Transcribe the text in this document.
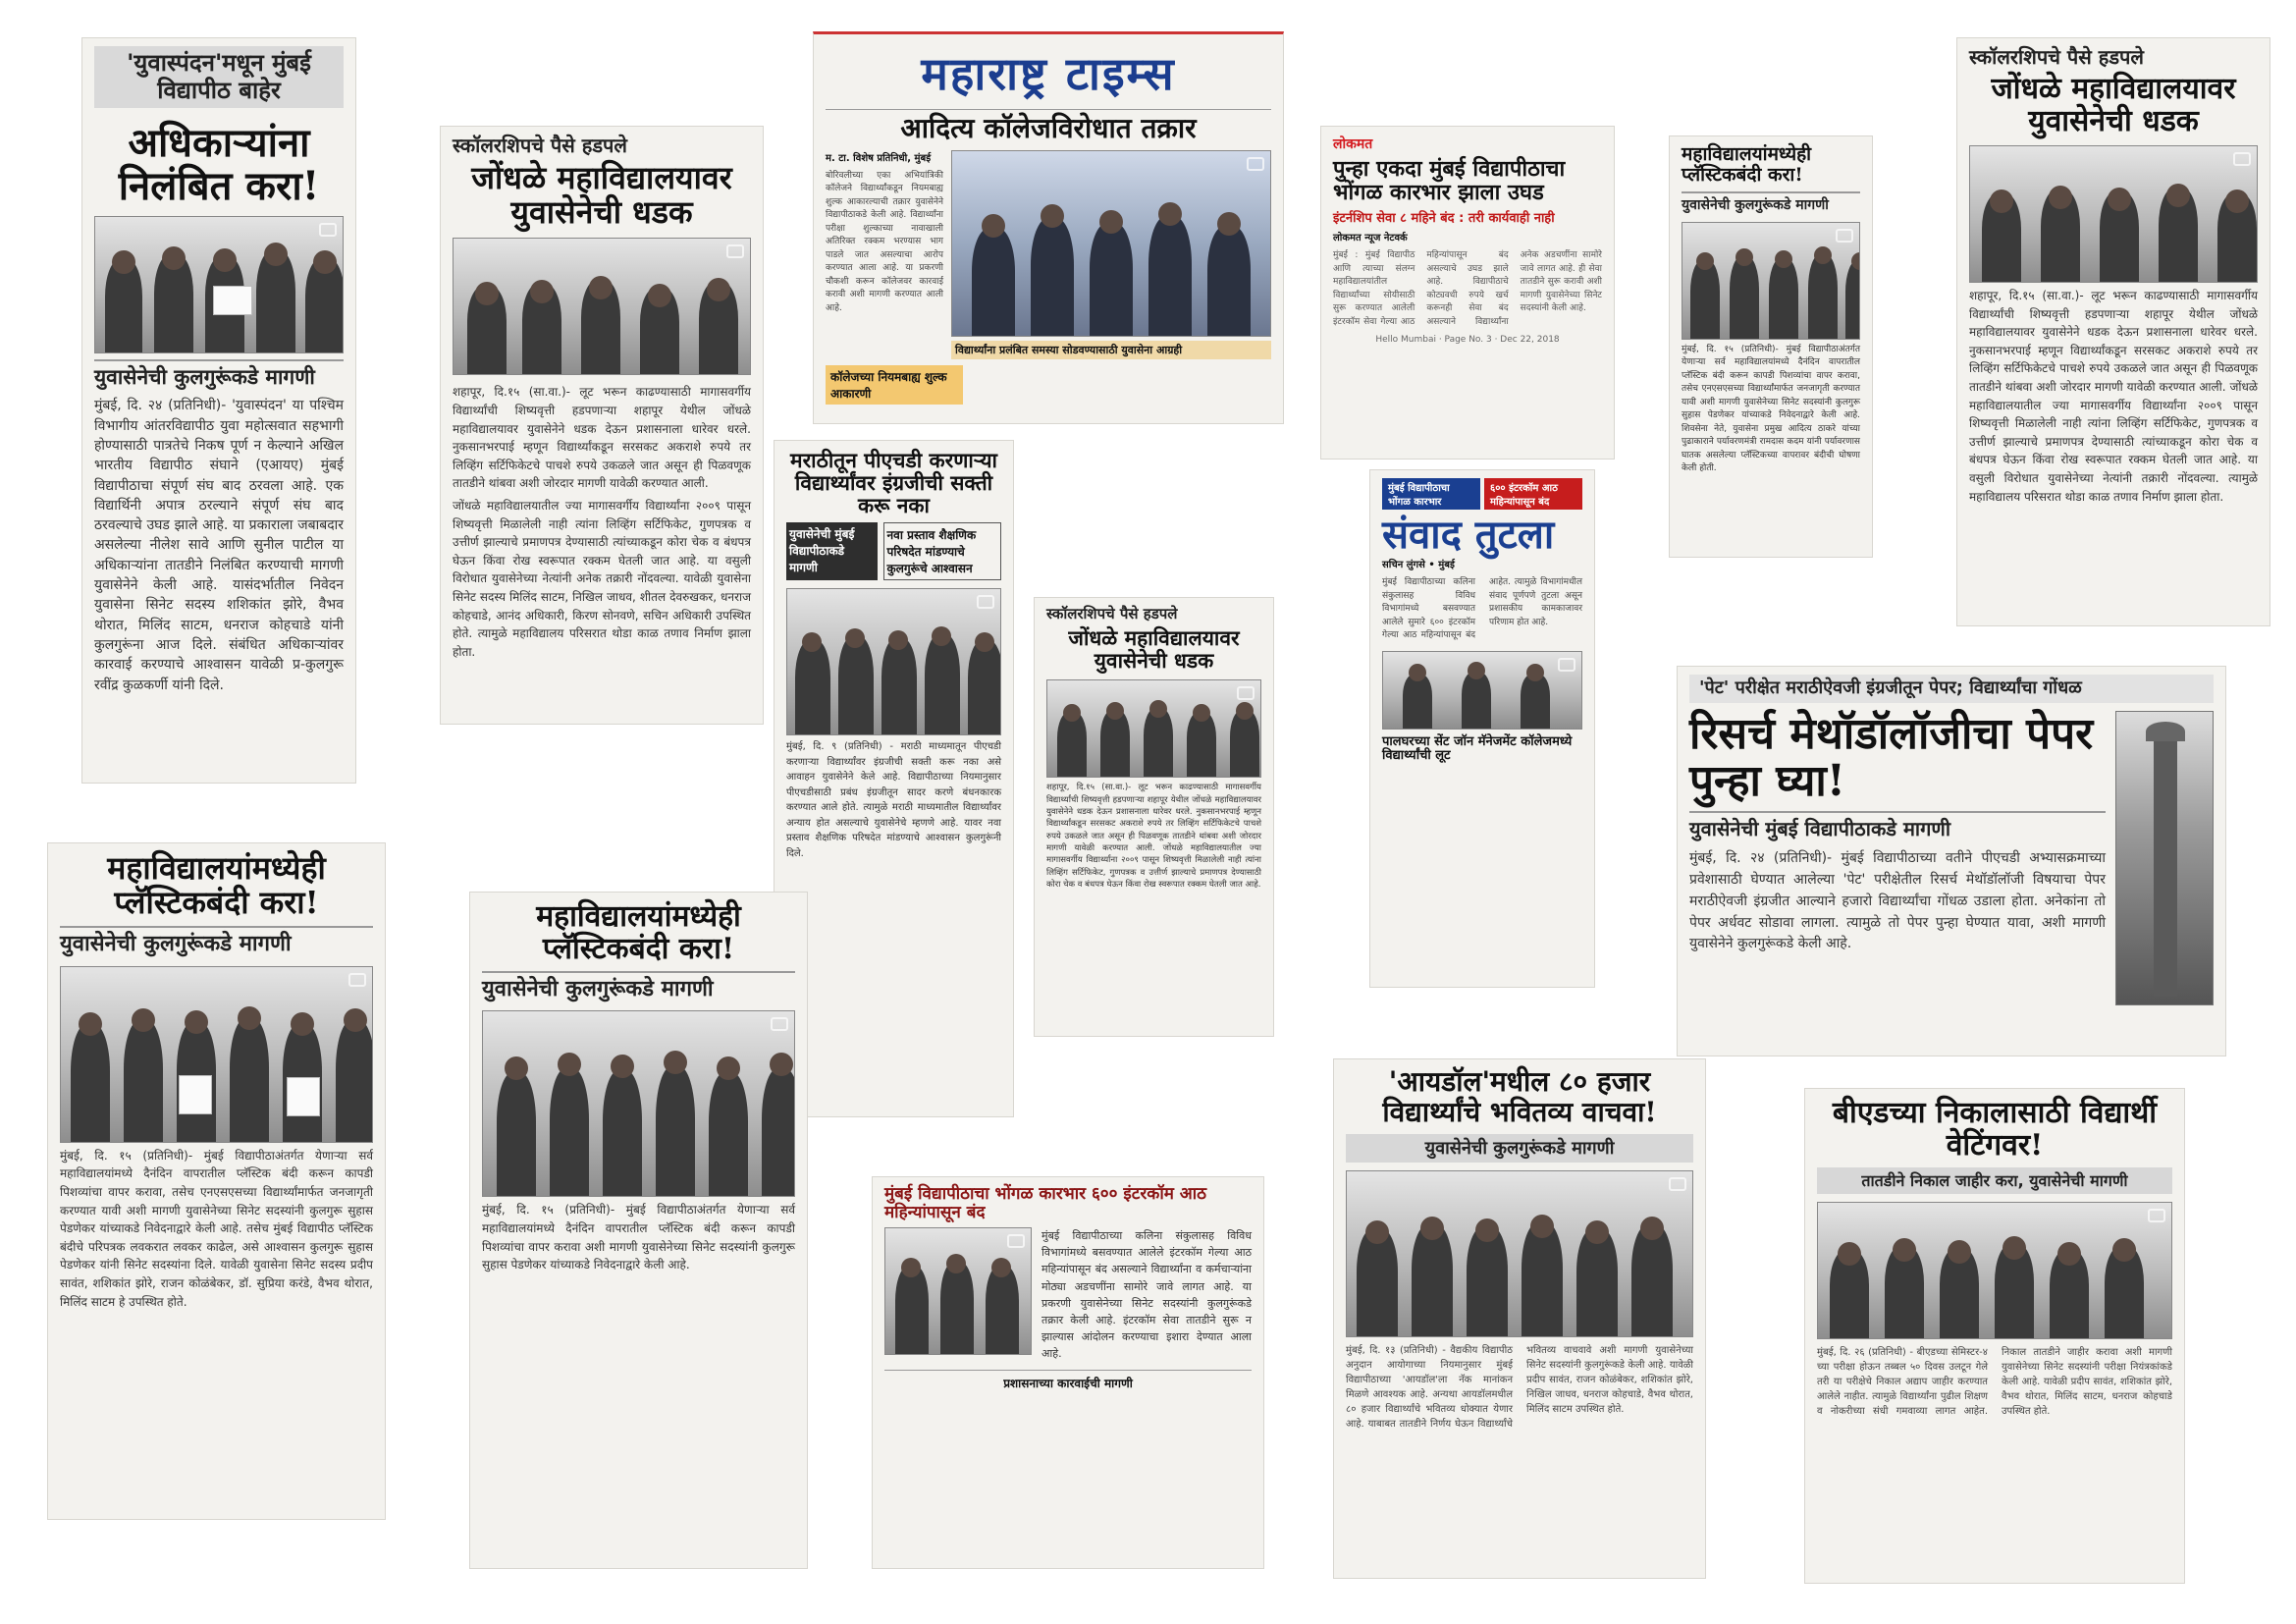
'युवास्पंदन'मधून मुंबई विद्यापीठ बाहेर
अधिकाऱ्यांना निलंबित करा!
युवासेनेची कुलगुरूंकडे मागणी
मुंबई, दि. २४ (प्रतिनिधी)- 'युवास्पंदन' या पश्चिम विभागीय आंतरविद्यापीठ युवा महोत्सवात सहभागी होण्यासाठी पात्रतेचे निकष पूर्ण न केल्याने अखिल भारतीय विद्यापीठ संघाने (एआयए) मुंबई विद्यापीठाचा संपूर्ण संघ बाद ठरवला आहे. एक विद्यार्थिनी अपात्र ठरल्याने संपूर्ण संघ बाद ठरवल्याचे उघड झाले आहे. या प्रकाराला जबाबदार असलेल्या नीलेश सावे आणि सुनील पाटील या अधिकाऱ्यांना तातडीने निलंबित करण्याची मागणी युवासेनेने केली आहे. यासंदर्भातील निवेदन युवासेना सिनेट सदस्य शशिकांत झोरे, वैभव थोरात, मिलिंद साटम, धनराज कोहचाडे यांनी कुलगुरूंना आज दिले. संबंधित अधिकाऱ्यांवर कारवाई करण्याचे आश्वासन यावेळी प्र-कुलगुरू रवींद्र कुळकर्णी यांनी दिले.
स्कॉलरशिपचे पैसे हडपले
जोंधळे महाविद्यालयावर युवासेनेची धडक
शहापूर, दि.१५ (सा.वा.)- लूट भरून काढण्यासाठी मागासवर्गीय विद्यार्थ्यांची शिष्यवृत्ती हडपणाऱ्या शहापूर येथील जोंधळे महाविद्यालयावर युवासेनेने धडक देऊन प्रशासनाला धारेवर धरले. नुकसानभरपाई म्हणून विद्यार्थ्यांकडून सरसकट अकराशे रुपये तर लिव्हिंग सर्टिफिकेटचे पाचशे रुपये उकळले जात असून ही पिळवणूक तातडीने थांबवा अशी जोरदार मागणी यावेळी करण्यात आली.
जोंधळे महाविद्यालयातील ज्या मागासवर्गीय विद्यार्थ्यांना २००९ पासून शिष्यवृत्ती मिळालेली नाही त्यांना लिव्हिंग सर्टिफिकेट, गुणपत्रक व उत्तीर्ण झाल्याचे प्रमाणपत्र देण्यासाठी त्यांच्याकडून कोरा चेक व बंधपत्र घेऊन किंवा रोख स्वरूपात रक्कम घेतली जात आहे. या वसुली विरोधात युवासेनेच्या नेत्यांनी अनेक तक्रारी नोंदवल्या. यावेळी युवासेना सिनेट सदस्य मिलिंद साटम, निखिल जाधव, शीतल देवरुखकर, धनराज कोहचाडे, आनंद अधिकारी, किरण सोनवणे, सचिन अधिकारी उपस्थित होते. त्यामुळे महाविद्यालय परिसरात थोडा काळ तणाव निर्माण झाला होता.
महाराष्ट्र टाइम्स
आदित्य कॉलेजविरोधात तक्रार
म. टा. विशेष प्रतिनिधी, मुंबई
बोरिवलीच्या एका अभियांत्रिकी कॉलेजने विद्यार्थ्यांकडून नियमबाह्य शुल्क आकारल्याची तक्रार युवासेनेने विद्यापीठाकडे केली आहे. विद्यार्थ्यांना परीक्षा शुल्काच्या नावाखाली अतिरिक्त रक्कम भरण्यास भाग पाडले जात असल्याचा आरोप करण्यात आला आहे. या प्रकरणी चौकशी करून कॉलेजवर कारवाई करावी अशी मागणी करण्यात आली आहे.
विद्यार्थ्यांना प्रलंबित समस्या सोडवण्यासाठी युवासेना आग्रही
कॉलेजच्या नियमबाह्य शुल्क आकारणी
लोकमत
पुन्हा एकदा मुंबई विद्यापीठाचा भोंगळ कारभार झाला उघड
इंटर्नशिप सेवा ८ महिने बंद : तरी कार्यवाही नाही
लोकमत न्यूज नेटवर्क
मुंबई : मुंबई विद्यापीठ आणि त्याच्या संलग्न महाविद्यालयांतील विद्यार्थ्यांच्या सोयीसाठी सुरू करण्यात आलेली इंटरकॉम सेवा गेल्या आठ महिन्यांपासून बंद असल्याचे उघड झाले आहे. विद्यापीठाचे कोट्यवधी रुपये खर्च करूनही सेवा बंद असल्याने विद्यार्थ्यांना अनेक अडचणींना सामोरे जावे लागत आहे. ही सेवा तातडीने सुरू करावी अशी मागणी युवासेनेच्या सिनेट सदस्यांनी केली आहे.
Hello Mumbai · Page No. 3 · Dec 22, 2018
महाविद्यालयांमध्येही प्लॅस्टिकबंदी करा!
युवासेनेची कुलगुरूंकडे मागणी
मुंबई, दि. १५ (प्रतिनिधी)- मुंबई विद्यापीठाअंतर्गत येणाऱ्या सर्व महाविद्यालयांमध्ये दैनंदिन वापरातील प्लॅस्टिक बंदी करून कापडी पिशव्यांचा वापर करावा, तसेच एनएसएसच्या विद्यार्थ्यांमार्फत जनजागृती करण्यात यावी अशी मागणी युवासेनेच्या सिनेट सदस्यांनी कुलगुरू सुहास पेडणेकर यांच्याकडे निवेदनाद्वारे केली आहे. शिवसेना नेते, युवासेना प्रमुख आदित्य ठाकरे यांच्या पुढाकाराने पर्यावरणमंत्री रामदास कदम यांनी पर्यावरणास घातक असलेल्या प्लॅस्टिकच्या वापरावर बंदीची घोषणा केली होती.
मराठीतून पीएचडी करणाऱ्या विद्यार्थ्यांवर इंग्रजीची सक्ती करू नका
युवासेनेची मुंबई विद्यापीठाकडे मागणी
नवा प्रस्ताव शैक्षणिक परिषदेत मांडण्याचे कुलगुरूंचे आश्वासन
मुंबई, दि. ९ (प्रतिनिधी) - मराठी माध्यमातून पीएचडी करणाऱ्या विद्यार्थ्यांवर इंग्रजीची सक्ती करू नका असे आवाहन युवासेनेने केले आहे. विद्यापीठाच्या नियमानुसार पीएचडीसाठी प्रबंध इंग्रजीतून सादर करणे बंधनकारक करण्यात आले होते. त्यामुळे मराठी माध्यमातील विद्यार्थ्यांवर अन्याय होत असल्याचे युवासेनेचे म्हणणे आहे. यावर नवा प्रस्ताव शैक्षणिक परिषदेत मांडण्याचे आश्वासन कुलगुरूंनी दिले.
स्कॉलरशिपचे पैसे हडपले
जोंधळे महाविद्यालयावर युवासेनेची धडक
शहापूर, दि.१५ (सा.वा.)- लूट भरून काढण्यासाठी मागासवर्गीय विद्यार्थ्यांची शिष्यवृत्ती हडपणाऱ्या शहापूर येथील जोंधळे महाविद्यालयावर युवासेनेने धडक देऊन प्रशासनाला धारेवर धरले. नुकसानभरपाई म्हणून विद्यार्थ्यांकडून सरसकट अकराशे रुपये तर लिव्हिंग सर्टिफिकेटचे पाचशे रुपये उकळले जात असून ही पिळवणूक तातडीने थांबवा अशी जोरदार मागणी यावेळी करण्यात आली. जोंधळे महाविद्यालयातील ज्या मागासवर्गीय विद्यार्थ्यांना २००९ पासून शिष्यवृत्ती मिळालेली नाही त्यांना लिव्हिंग सर्टिफिकेट, गुणपत्रक व उत्तीर्ण झाल्याचे प्रमाणपत्र देण्यासाठी कोरा चेक व बंधपत्र घेऊन किंवा रोख स्वरूपात रक्कम घेतली जात आहे.
मुंबई विद्यापीठाचा भोंगळ कारभार
६०० इंटरकॉम आठ महिन्यांपासून बंद
संवाद तुटला
सचिन लुंगसे • मुंबई
मुंबई विद्यापीठाच्या कलिना संकुलासह विविध विभागांमध्ये बसवण्यात आलेले सुमारे ६०० इंटरकॉम गेल्या आठ महिन्यांपासून बंद आहेत. त्यामुळे विभागांमधील संवाद पूर्णपणे तुटला असून प्रशासकीय कामकाजावर परिणाम होत आहे.
पालघरच्या सेंट जॉन मॅनेजमेंट कॉलेजमध्ये विद्यार्थ्यांची लूट
महाविद्यालयांमध्येही प्लॅस्टिकबंदी करा!
युवासेनेची कुलगुरूंकडे मागणी
मुंबई, दि. १५ (प्रतिनिधी)- मुंबई विद्यापीठाअंतर्गत येणाऱ्या सर्व महाविद्यालयांमध्ये दैनंदिन वापरातील प्लॅस्टिक बंदी करून कापडी पिशव्यांचा वापर करावा, तसेच एनएसएसच्या विद्यार्थ्यांमार्फत जनजागृती करण्यात यावी अशी मागणी युवासेनेच्या सिनेट सदस्यांनी कुलगुरू सुहास पेडणेकर यांच्याकडे निवेदनाद्वारे केली आहे. तसेच मुंबई विद्यापीठ प्लॅस्टिक बंदीचे परिपत्रक लवकरात लवकर काढेल, असे आश्वासन कुलगुरू सुहास पेडणेकर यांनी सिनेट सदस्यांना दिले. यावेळी युवासेना सिनेट सदस्य प्रदीप सावंत, शशिकांत झोरे, राजन कोळंबेकर, डॉ. सुप्रिया करंडे, वैभव थोरात, मिलिंद साटम हे उपस्थित होते.
मुंबई विद्यापीठाचा भोंगळ कारभार ६०० इंटरकॉम आठ महिन्यांपासून बंद
मुंबई विद्यापीठाच्या कलिना संकुलासह विविध विभागांमध्ये बसवण्यात आलेले इंटरकॉम गेल्या आठ महिन्यांपासून बंद असल्याने विद्यार्थ्यांना व कर्मचाऱ्यांना मोठ्या अडचणींना सामोरे जावे लागत आहे. या प्रकरणी युवासेनेच्या सिनेट सदस्यांनी कुलगुरूंकडे तक्रार केली आहे. इंटरकॉम सेवा तातडीने सुरू न झाल्यास आंदोलन करण्याचा इशारा देण्यात आला आहे.
प्रशासनाच्या कारवाईची मागणी
महाविद्यालयांमध्येही प्लॅस्टिकबंदी करा!
युवासेनेची कुलगुरूंकडे मागणी
मुंबई, दि. १५ (प्रतिनिधी)- मुंबई विद्यापीठाअंतर्गत येणाऱ्या सर्व महाविद्यालयांमध्ये दैनंदिन वापरातील प्लॅस्टिक बंदी करून कापडी पिशव्यांचा वापर करावा अशी मागणी युवासेनेच्या सिनेट सदस्यांनी कुलगुरू सुहास पेडणेकर यांच्याकडे निवेदनाद्वारे केली आहे.
स्कॉलरशिपचे पैसे हडपले
जोंधळे महाविद्यालयावर युवासेनेची धडक
शहापूर, दि.१५ (सा.वा.)- लूट भरून काढण्यासाठी मागासवर्गीय विद्यार्थ्यांची शिष्यवृत्ती हडपणाऱ्या शहापूर येथील जोंधळे महाविद्यालयावर युवासेनेने धडक देऊन प्रशासनाला धारेवर धरले. नुकसानभरपाई म्हणून विद्यार्थ्यांकडून सरसकट अकराशे रुपये तर लिव्हिंग सर्टिफिकेटचे पाचशे रुपये उकळले जात असून ही पिळवणूक तातडीने थांबवा अशी जोरदार मागणी यावेळी करण्यात आली. जोंधळे महाविद्यालयातील ज्या मागासवर्गीय विद्यार्थ्यांना २००९ पासून शिष्यवृत्ती मिळालेली नाही त्यांना लिव्हिंग सर्टिफिकेट, गुणपत्रक व उत्तीर्ण झाल्याचे प्रमाणपत्र देण्यासाठी त्यांच्याकडून कोरा चेक व बंधपत्र घेऊन किंवा रोख स्वरूपात रक्कम घेतली जात आहे. या वसुली विरोधात युवासेनेच्या नेत्यांनी तक्रारी नोंदवल्या. त्यामुळे महाविद्यालय परिसरात थोडा काळ तणाव निर्माण झाला होता.
'पेट' परीक्षेत मराठीऐवजी इंग्रजीतून पेपर; विद्यार्थ्यांचा गोंधळ
रिसर्च मेथॉडॉलॉजीचा पेपर पुन्हा घ्या!
युवासेनेची मुंबई विद्यापीठाकडे मागणी
मुंबई, दि. २४ (प्रतिनिधी)- मुंबई विद्यापीठाच्या वतीने पीएचडी अभ्यासक्रमाच्या प्रवेशासाठी घेण्यात आलेल्या 'पेट' परीक्षेतील रिसर्च मेथॉडॉलॉजी विषयाचा पेपर मराठीऐवजी इंग्रजीत आल्याने हजारो विद्यार्थ्यांचा गोंधळ उडाला होता. अनेकांना तो पेपर अर्धवट सोडावा लागला. त्यामुळे तो पेपर पुन्हा घेण्यात यावा, अशी मागणी युवासेनेने कुलगुरूंकडे केली आहे.
'आयडॉल'मधील ८० हजार विद्यार्थ्यांचे भवितव्य वाचवा!
युवासेनेची कुलगुरूंकडे मागणी
मुंबई, दि. १३ (प्रतिनिधी) - वैद्यकीय विद्यापीठ अनुदान आयोगाच्या नियमानुसार मुंबई विद्यापीठाच्या 'आयडॉल'ला नॅक मानांकन मिळणे आवश्यक आहे. अन्यथा आयडॉलमधील ८० हजार विद्यार्थ्यांचे भवितव्य धोक्यात येणार आहे. याबाबत तातडीने निर्णय घेऊन विद्यार्थ्यांचे भवितव्य वाचवावे अशी मागणी युवासेनेच्या सिनेट सदस्यांनी कुलगुरूंकडे केली आहे. यावेळी प्रदीप सावंत, राजन कोळंबेकर, शशिकांत झोरे, निखिल जाधव, धनराज कोहचाडे, वैभव थोरात, मिलिंद साटम उपस्थित होते.
बीएडच्या निकालासाठी विद्यार्थी वेटिंगवर!
तातडीने निकाल जाहीर करा, युवासेनेची मागणी
मुंबई, दि. २६ (प्रतिनिधी) - बीएडच्या सेमिस्टर-४ च्या परीक्षा होऊन तब्बल ५० दिवस उलटून गेले तरी या परीक्षेचे निकाल अद्याप जाहीर करण्यात आलेले नाहीत. त्यामुळे विद्यार्थ्यांना पुढील शिक्षण व नोकरीच्या संधी गमवाव्या लागत आहेत. निकाल तातडीने जाहीर करावा अशी मागणी युवासेनेच्या सिनेट सदस्यांनी परीक्षा नियंत्रकांकडे केली आहे. यावेळी प्रदीप सावंत, शशिकांत झोरे, वैभव थोरात, मिलिंद साटम, धनराज कोहचाडे उपस्थित होते.
